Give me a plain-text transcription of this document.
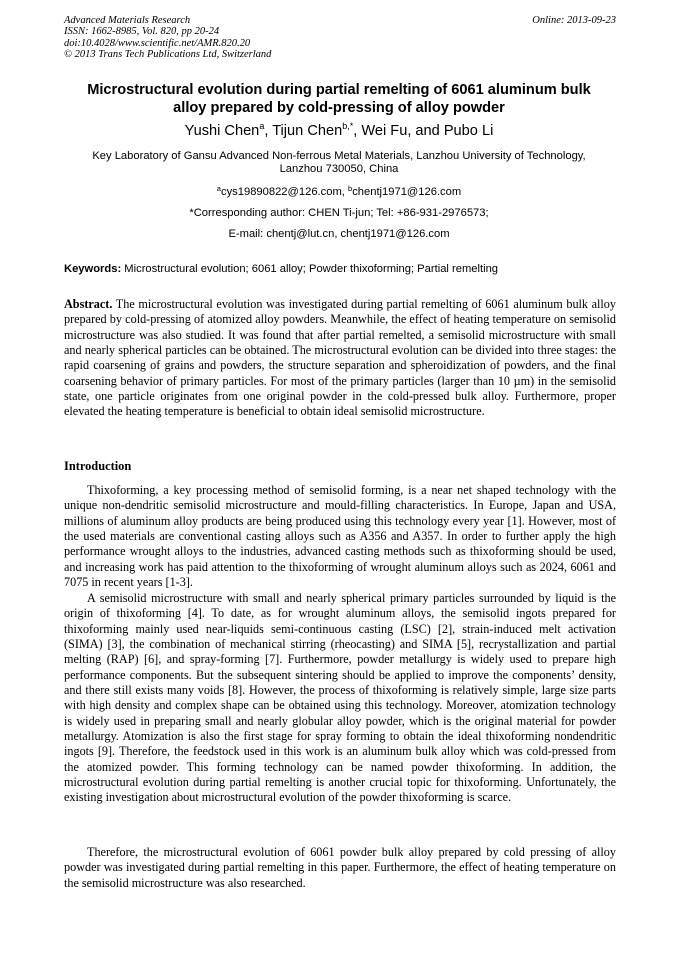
Advanced Materials Research	Online: 2013-09-23
ISSN: 1662-8985, Vol. 820, pp 20-24
doi:10.4028/www.scientific.net/AMR.820.20
© 2013 Trans Tech Publications Ltd, Switzerland
Microstructural evolution during partial remelting of 6061 aluminum bulk
alloy prepared by cold-pressing of alloy powder
Yushi Chen$^a$, Tijun Chen$^{b,*}$, Wei Fu, and Pubo Li
Key Laboratory of Gansu Advanced Non-ferrous Metal Materials, Lanzhou University of Technology,
Lanzhou 730050, China
$^a$cys19890822@126.com, $^b$chentj1971@126.com
*Corresponding author: CHEN Ti-jun; Tel: +86-931-2976573;
E-mail: chentj@lut.cn, chentj1971@126.com
Keywords: Microstructural evolution; 6061 alloy; Powder thixoforming; Partial remelting

Abstract. The microstructural evolution was investigated during partial remelting of 6061 aluminum bulk alloy prepared by cold-pressing of atomized alloy powders. Meanwhile, the effect of heating temperature on semisolid microstructure was also studied. It was found that after partial remelted, a semisolid microstructure with small and nearly spherical particles can be obtained. The microstructural evolution can be divided into three stages: the rapid coarsening of grains and powders, the structure separation and spheroidization of powders, and the final coarsening behavior of primary particles. For most of the primary particles (larger than 10 µm) in the semisolid state, one particle originates from one original powder in the cold-pressed bulk alloy. Furthermore, proper elevated the heating temperature is beneficial to obtain ideal semisolid microstructure.

Introduction

Thixoforming, a key processing method of semisolid forming, is a near net shaped technology with the unique non-dendritic semisolid microstructure and mould-filling characteristics. In Europe, Japan and USA, millions of aluminum alloy products are being produced using this technology every year [1]. However, most of the used materials are conventional casting alloys such as A356 and A357. In order to further apply the high performance wrought alloys to the industries, advanced casting methods such as thixoforming should be used, and increasing work has paid attention to the thixoforming of wrought aluminum alloys such as 2024, 6061 and 7075 in recent years [1-3].

A semisolid microstructure with small and nearly spherical primary particles surrounded by liquid is the origin of thixoforming [4]. To date, as for wrought aluminum alloys, the semisolid ingots prepared for thixoforming mainly used near-liquids semi-continuous casting (LSC) [2], strain-induced melt activation (SIMA) [3], the combination of mechanical stirring (rheocasting) and SIMA [5], recrystallization and partial melting (RAP) [6], and spray-forming [7]. Furthermore, powder metallurgy is widely used to prepare high performance components. But the subsequent sintering should be applied to improve the components’ density, and there still exists many voids [8]. However, the process of thixoforming is relatively simple, large size parts with high density and complex shape can be obtained using this technology. Moreover, atomization technology is widely used in preparing small and nearly globular alloy powder, which is the original material for powder metallurgy. Atomization is also the first stage for spray forming to obtain the ideal thixoforming nondendritic ingots [9]. Therefore, the feedstock used in this work is an aluminum bulk alloy which was cold-pressed from the atomized powder. This forming technology can be named powder thixoforming. In addition, the microstructural evolution during partial remelting is another crucial topic for thixoforming. Unfortunately, the existing investigation about microstructural evolution of the powder thixoforming is scarce.

Therefore, the microstructural evolution of 6061 powder bulk alloy prepared by cold pressing of alloy powder was investigated during partial remelting in this paper. Furthermore, the effect of heating temperature on the semisolid microstructure was also researched.
